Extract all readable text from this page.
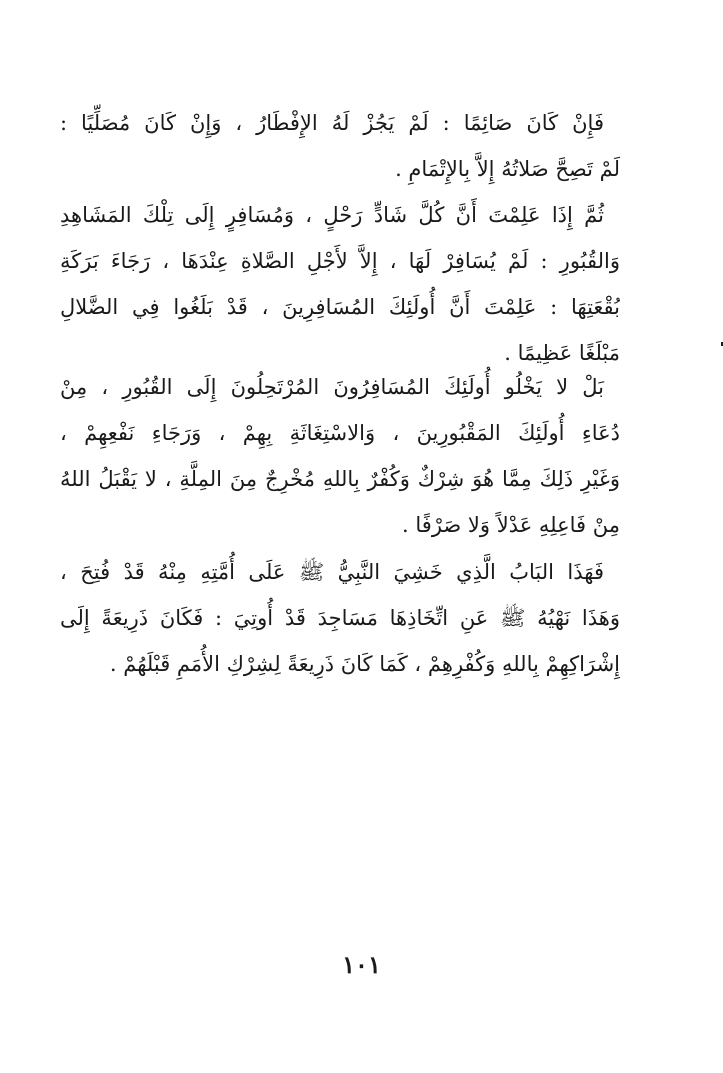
فَإِنْ كَانَ صَائِمًا : لَمْ يَجُزْ لَهُ الإِفْطَارُ ، وَإِنْ كَانَ مُصَلِّيًا :
لَمْ تَصِحَّ صَلاتُهُ إِلاَّ بِالإِتْمَامِ .
ثُمَّ إِذَا عَلِمْتَ أَنَّ كُلَّ شَادٍّ رَحْلٍ ، وَمُسَافِرٍ إِلَى تِلْكَ المَشَاهِدِ
وَالقُبُورِ : لَمْ يُسَافِرْ لَهَا ، إِلاَّ لأَجْلِ الصَّلاةِ عِنْدَهَا ، رَجَاءَ بَرَكَةِ
بُقْعَتِهَا : عَلِمْتَ أَنَّ أُولَئِكَ المُسَافِرِينَ ، قَدْ بَلَغُوا فِي الضَّلالِ
مَبْلَغًا عَظِيمًا .
بَلْ لا يَخْلُو أُولَئِكَ المُسَافِرُونَ المُرْتَحِلُونَ إِلَى القُبُورِ ، مِنْ
دُعَاءِ أُولَئِكَ المَقْبُورِينَ ، وَالاسْتِغَاثَةِ بِهِمْ ، وَرَجَاءِ نَفْعِهِمْ ،
وَغَيْرِ ذَلِكَ مِمَّا هُوَ شِرْكٌ وَكُفْرٌ بِاللهِ مُخْرِجٌ مِنَ المِلَّةِ ، لا يَقْبَلُ اللهُ
مِنْ فَاعِلِهِ عَدْلاً وَلا صَرْفًا .
فَهَذَا البَابُ الَّذِي خَشِيَ النَّبِيُّ ﷺ عَلَى أُمَّتِهِ مِنْهُ قَدْ فُتِحَ ،
وَهَذَا نَهْيُهُ ﷺ عَنِ اتِّخَاذِهَا مَسَاجِدَ قَدْ أُوتِيَ : فَكَانَ ذَرِيعَةً إِلَى
إِشْرَاكِهِمْ بِاللهِ وَكُفْرِهِمْ ، كَمَا كَانَ ذَرِيعَةً لِشِرْكِ الأُمَمِ قَبْلَهُمْ .
١٠١
